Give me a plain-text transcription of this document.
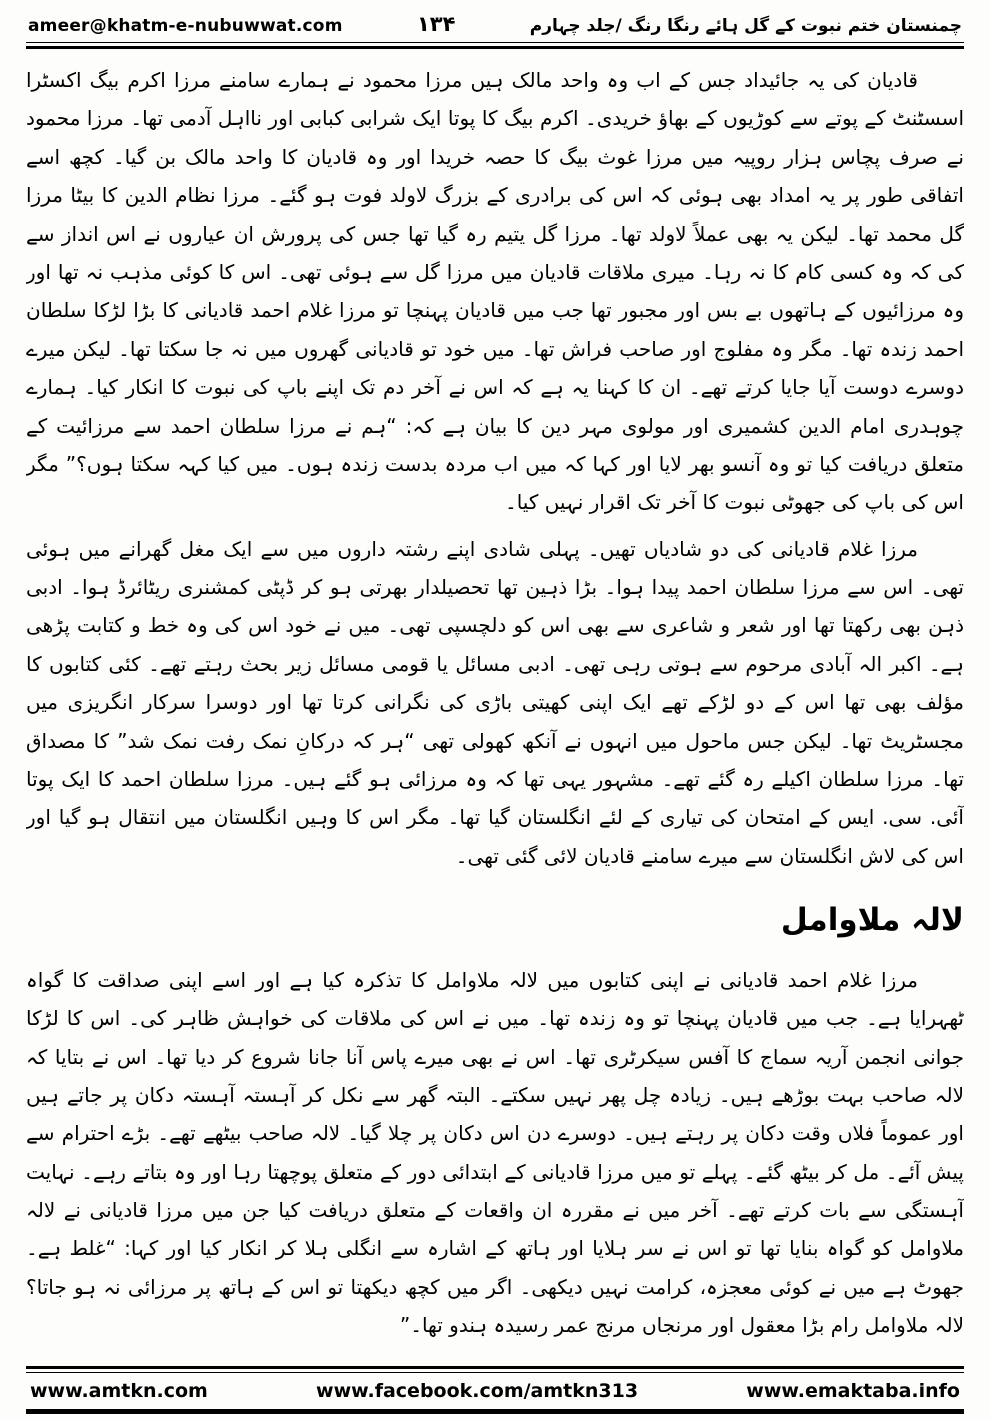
ameer@khatm-e-nubuwwat.com	۱۳۴	چمنستان ختم نبوت کے گل ہائے رنگا رنگ /جلد چہارم

قادیان کی یہ جائیداد جس کے اب وہ واحد مالک ہیں مرزا محمود نے ہمارے سامنے مرزا اکرم بیگ اکسٹرا اسسٹنٹ کے پوتے سے کوڑیوں کے بھاؤ خریدی۔ اکرم بیگ کا پوتا ایک شرابی کبابی اور نااہل آدمی تھا۔ مرزا محمود نے صرف پچاس ہزار روپیہ میں مرزا غوث بیگ کا حصہ خریدا اور وہ قادیان کا واحد مالک بن گیا۔ کچھ اسے اتفاقی طور پر یہ امداد بھی ہوئی کہ اس کی برادری کے بزرگ لاولد فوت ہو گئے۔ مرزا نظام الدین کا بیٹا مرزا گل محمد تھا۔ لیکن یہ بھی عملاً لاولد تھا۔ مرزا گل یتیم رہ گیا تھا جس کی پرورش ان عیاروں نے اس انداز سے کی کہ وہ کسی کام کا نہ رہا۔ میری ملاقات قادیان میں مرزا گل سے ہوئی تھی۔ اس کا کوئی مذہب نہ تھا اور وہ مرزائیوں کے ہاتھوں بے بس اور مجبور تھا جب میں قادیان پہنچا تو مرزا غلام احمد قادیانی کا بڑا لڑکا سلطان احمد زندہ تھا۔ مگر وہ مفلوج اور صاحب فراش تھا۔ میں خود تو قادیانی گھروں میں نہ جا سکتا تھا۔ لیکن میرے دوسرے دوست آیا جایا کرتے تھے۔ ان کا کہنا یہ ہے کہ اس نے آخر دم تک اپنے باپ کی نبوت کا انکار کیا۔ ہمارے چوہدری امام الدین کشمیری اور مولوی مہر دین کا بیان ہے کہ: “ہم نے مرزا سلطان احمد سے مرزائیت کے متعلق دریافت کیا تو وہ آنسو بھر لایا اور کہا کہ میں اب مردہ بدست زندہ ہوں۔ میں کیا کہہ سکتا ہوں؟” مگر اس کی باپ کی جھوٹی نبوت کا آخر تک اقرار نہیں کیا۔

مرزا غلام قادیانی کی دو شادیاں تھیں۔ پہلی شادی اپنے رشتہ داروں میں سے ایک مغل گھرانے میں ہوئی تھی۔ اس سے مرزا سلطان احمد پیدا ہوا۔ بڑا ذہین تھا تحصیلدار بھرتی ہو کر ڈپٹی کمشنری ریٹائرڈ ہوا۔ ادبی ذہن بھی رکھتا تھا اور شعر و شاعری سے بھی اس کو دلچسپی تھی۔ میں نے خود اس کی وہ خط و کتابت پڑھی ہے۔ اکبر الہ آبادی مرحوم سے ہوتی رہی تھی۔ ادبی مسائل یا قومی مسائل زیر بحث رہتے تھے۔ کئی کتابوں کا مؤلف بھی تھا اس کے دو لڑکے تھے ایک اپنی کھیتی باڑی کی نگرانی کرتا تھا اور دوسرا سرکار انگریزی میں مجسٹریٹ تھا۔ لیکن جس ماحول میں انہوں نے آنکھ کھولی تھی “ہر کہ درکانِ نمک رفت نمک شد” کا مصداق تھا۔ مرزا سلطان اکیلے رہ گئے تھے۔ مشہور یہی تھا کہ وہ مرزائی ہو گئے ہیں۔ مرزا سلطان احمد کا ایک پوتا آئی. سی. ایس کے امتحان کی تیاری کے لئے انگلستان گیا تھا۔ مگر اس کا وہیں انگلستان میں انتقال ہو گیا اور اس کی لاش انگلستان سے میرے سامنے قادیان لائی گئی تھی۔

لالہ ملاوامل

مرزا غلام احمد قادیانی نے اپنی کتابوں میں لالہ ملاوامل کا تذکرہ کیا ہے اور اسے اپنی صداقت کا گواہ ٹھہرایا ہے۔ جب میں قادیان پہنچا تو وہ زندہ تھا۔ میں نے اس کی ملاقات کی خواہش ظاہر کی۔ اس کا لڑکا جوانی انجمن آریہ سماج کا آفس سیکرٹری تھا۔ اس نے بھی میرے پاس آنا جانا شروع کر دیا تھا۔ اس نے بتایا کہ لالہ صاحب بہت بوڑھے ہیں۔ زیادہ چل پھر نہیں سکتے۔ البتہ گھر سے نکل کر آہستہ آہستہ دکان پر جاتے ہیں اور عموماً فلاں وقت دکان پر رہتے ہیں۔ دوسرے دن اس دکان پر چلا گیا۔ لالہ صاحب بیٹھے تھے۔ بڑے احترام سے پیش آئے۔ مل کر بیٹھ گئے۔ پہلے تو میں مرزا قادیانی کے ابتدائی دور کے متعلق پوچھتا رہا اور وہ بتاتے رہے۔ نہایت آہستگی سے بات کرتے تھے۔ آخر میں نے مقررہ ان واقعات کے متعلق دریافت کیا جن میں مرزا قادیانی نے لالہ ملاوامل کو گواہ بنایا تھا تو اس نے سر ہلایا اور ہاتھ کے اشارہ سے انگلی ہلا کر انکار کیا اور کہا: “غلط ہے۔ جھوٹ ہے میں نے کوئی معجزہ، کرامت نہیں دیکھی۔ اگر میں کچھ دیکھتا تو اس کے ہاتھ پر مرزائی نہ ہو جاتا؟ لالہ ملاوامل رام بڑا معقول اور مرنجاں مرنج عمر رسیدہ ہندو تھا۔”

www.amtkn.com	www.facebook.com/amtkn313	www.emaktaba.info
